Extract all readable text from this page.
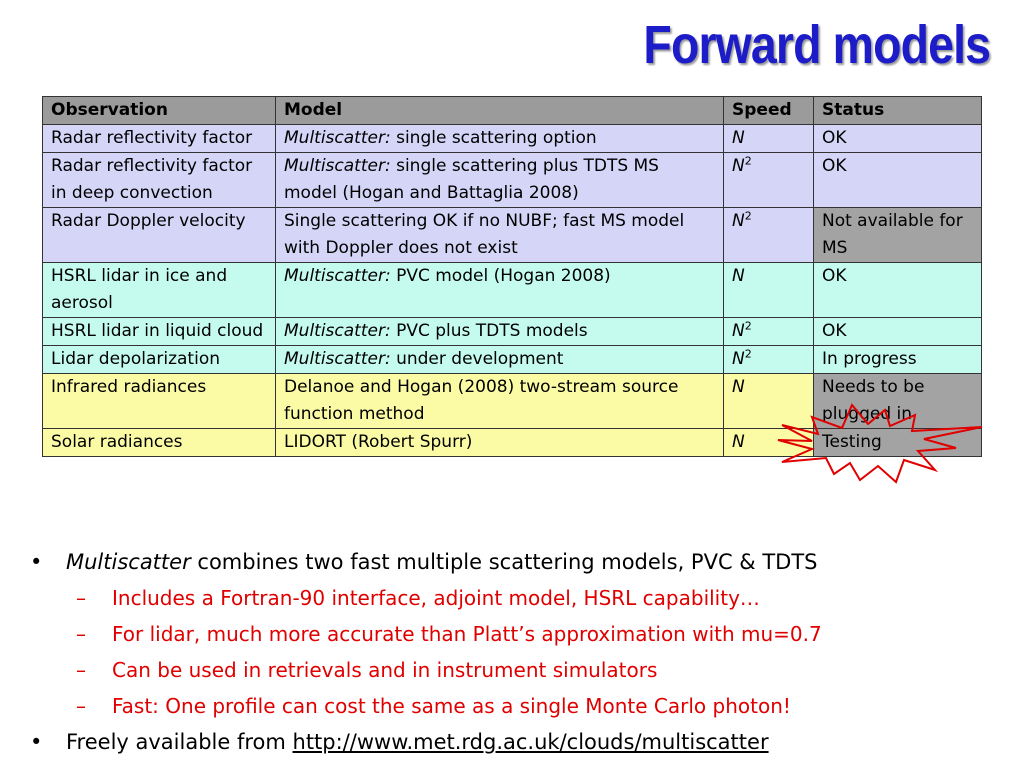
Forward models
Observation	Model	Speed	Status
Radar reflectivity factor	Multiscatter: single scattering option	N	OK
Radar reflectivity factor in deep convection	Multiscatter: single scattering plus TDTS MS model (Hogan and Battaglia 2008)	$N^2$	OK
Radar Doppler velocity	Single scattering OK if no NUBF; fast MS model with Doppler does not exist	$N^2$	Not available for MS
HSRL lidar in ice and aerosol	Multiscatter: PVC model (Hogan 2008)	N	OK
HSRL lidar in liquid cloud	Multiscatter: PVC plus TDTS models	$N^2$	OK
Lidar depolarization	Multiscatter: under development	$N^2$	In progress
Infrared radiances	Delanoe and Hogan (2008) two-stream source function method	N	Needs to be plugged in
Solar radiances	LIDORT (Robert Spurr)	N	Testing
• Multiscatter combines two fast multiple scattering models, PVC & TDTS
– Includes a Fortran-90 interface, adjoint model, HSRL capability…
– For lidar, much more accurate than Platt’s approximation with mu=0.7
– Can be used in retrievals and in instrument simulators
– Fast: One profile can cost the same as a single Monte Carlo photon!
• Freely available from http://www.met.rdg.ac.uk/clouds/multiscatter
